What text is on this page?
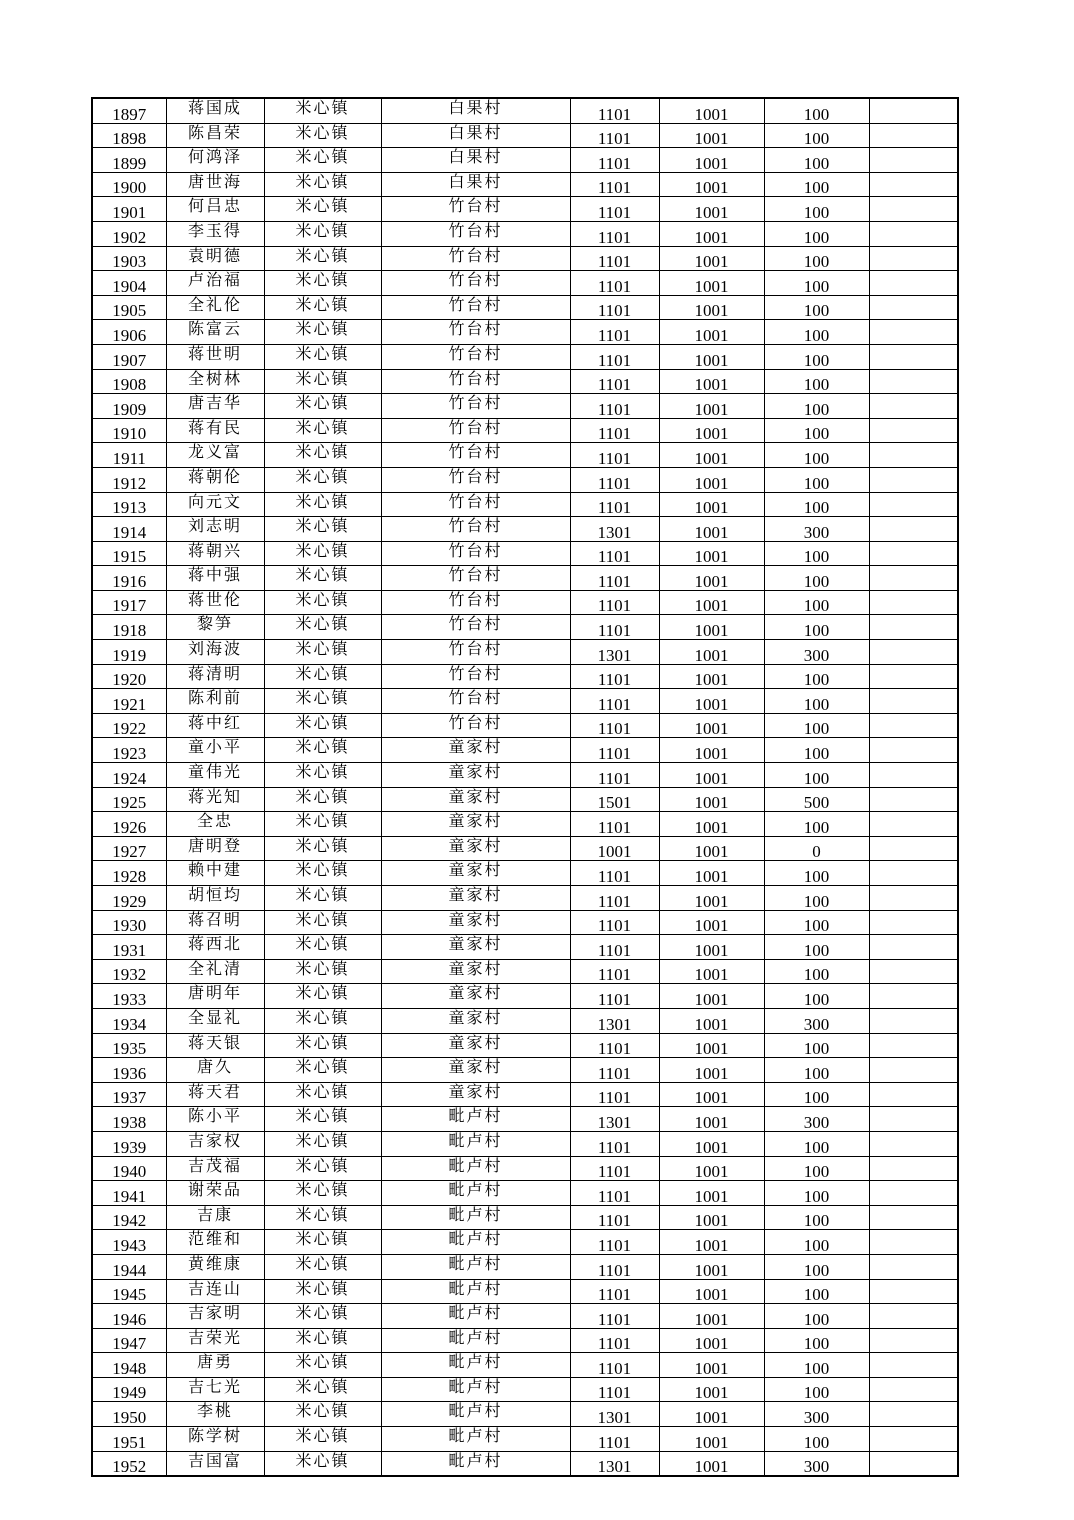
1897	蒋国成	米心镇	白果村	1101	1001	100	
1898	陈昌荣	米心镇	白果村	1101	1001	100	
1899	何鸿泽	米心镇	白果村	1101	1001	100	
1900	唐世海	米心镇	白果村	1101	1001	100	
1901	何吕忠	米心镇	竹台村	1101	1001	100	
1902	李玉得	米心镇	竹台村	1101	1001	100	
1903	袁明德	米心镇	竹台村	1101	1001	100	
1904	卢治福	米心镇	竹台村	1101	1001	100	
1905	全礼伦	米心镇	竹台村	1101	1001	100	
1906	陈富云	米心镇	竹台村	1101	1001	100	
1907	蒋世明	米心镇	竹台村	1101	1001	100	
1908	全树林	米心镇	竹台村	1101	1001	100	
1909	唐吉华	米心镇	竹台村	1101	1001	100	
1910	蒋有民	米心镇	竹台村	1101	1001	100	
1911	龙义富	米心镇	竹台村	1101	1001	100	
1912	蒋朝伦	米心镇	竹台村	1101	1001	100	
1913	向元文	米心镇	竹台村	1101	1001	100	
1914	刘志明	米心镇	竹台村	1301	1001	300	
1915	蒋朝兴	米心镇	竹台村	1101	1001	100	
1916	蒋中强	米心镇	竹台村	1101	1001	100	
1917	蒋世伦	米心镇	竹台村	1101	1001	100	
1918	黎笋	米心镇	竹台村	1101	1001	100	
1919	刘海波	米心镇	竹台村	1301	1001	300	
1920	蒋清明	米心镇	竹台村	1101	1001	100	
1921	陈利前	米心镇	竹台村	1101	1001	100	
1922	蒋中红	米心镇	竹台村	1101	1001	100	
1923	童小平	米心镇	童家村	1101	1001	100	
1924	童伟光	米心镇	童家村	1101	1001	100	
1925	蒋光知	米心镇	童家村	1501	1001	500	
1926	全忠	米心镇	童家村	1101	1001	100	
1927	唐明登	米心镇	童家村	1001	1001	0	
1928	赖中建	米心镇	童家村	1101	1001	100	
1929	胡恒均	米心镇	童家村	1101	1001	100	
1930	蒋召明	米心镇	童家村	1101	1001	100	
1931	蒋西北	米心镇	童家村	1101	1001	100	
1932	全礼清	米心镇	童家村	1101	1001	100	
1933	唐明年	米心镇	童家村	1101	1001	100	
1934	全显礼	米心镇	童家村	1301	1001	300	
1935	蒋天银	米心镇	童家村	1101	1001	100	
1936	唐久	米心镇	童家村	1101	1001	100	
1937	蒋天君	米心镇	童家村	1101	1001	100	
1938	陈小平	米心镇	毗卢村	1301	1001	300	
1939	吉家权	米心镇	毗卢村	1101	1001	100	
1940	吉茂福	米心镇	毗卢村	1101	1001	100	
1941	谢荣品	米心镇	毗卢村	1101	1001	100	
1942	吉康	米心镇	毗卢村	1101	1001	100	
1943	范维和	米心镇	毗卢村	1101	1001	100	
1944	黄维康	米心镇	毗卢村	1101	1001	100	
1945	吉连山	米心镇	毗卢村	1101	1001	100	
1946	吉家明	米心镇	毗卢村	1101	1001	100	
1947	吉荣光	米心镇	毗卢村	1101	1001	100	
1948	唐勇	米心镇	毗卢村	1101	1001	100	
1949	吉七光	米心镇	毗卢村	1101	1001	100	
1950	李桃	米心镇	毗卢村	1301	1001	300	
1951	陈学树	米心镇	毗卢村	1101	1001	100	
1952	吉国富	米心镇	毗卢村	1301	1001	300	
